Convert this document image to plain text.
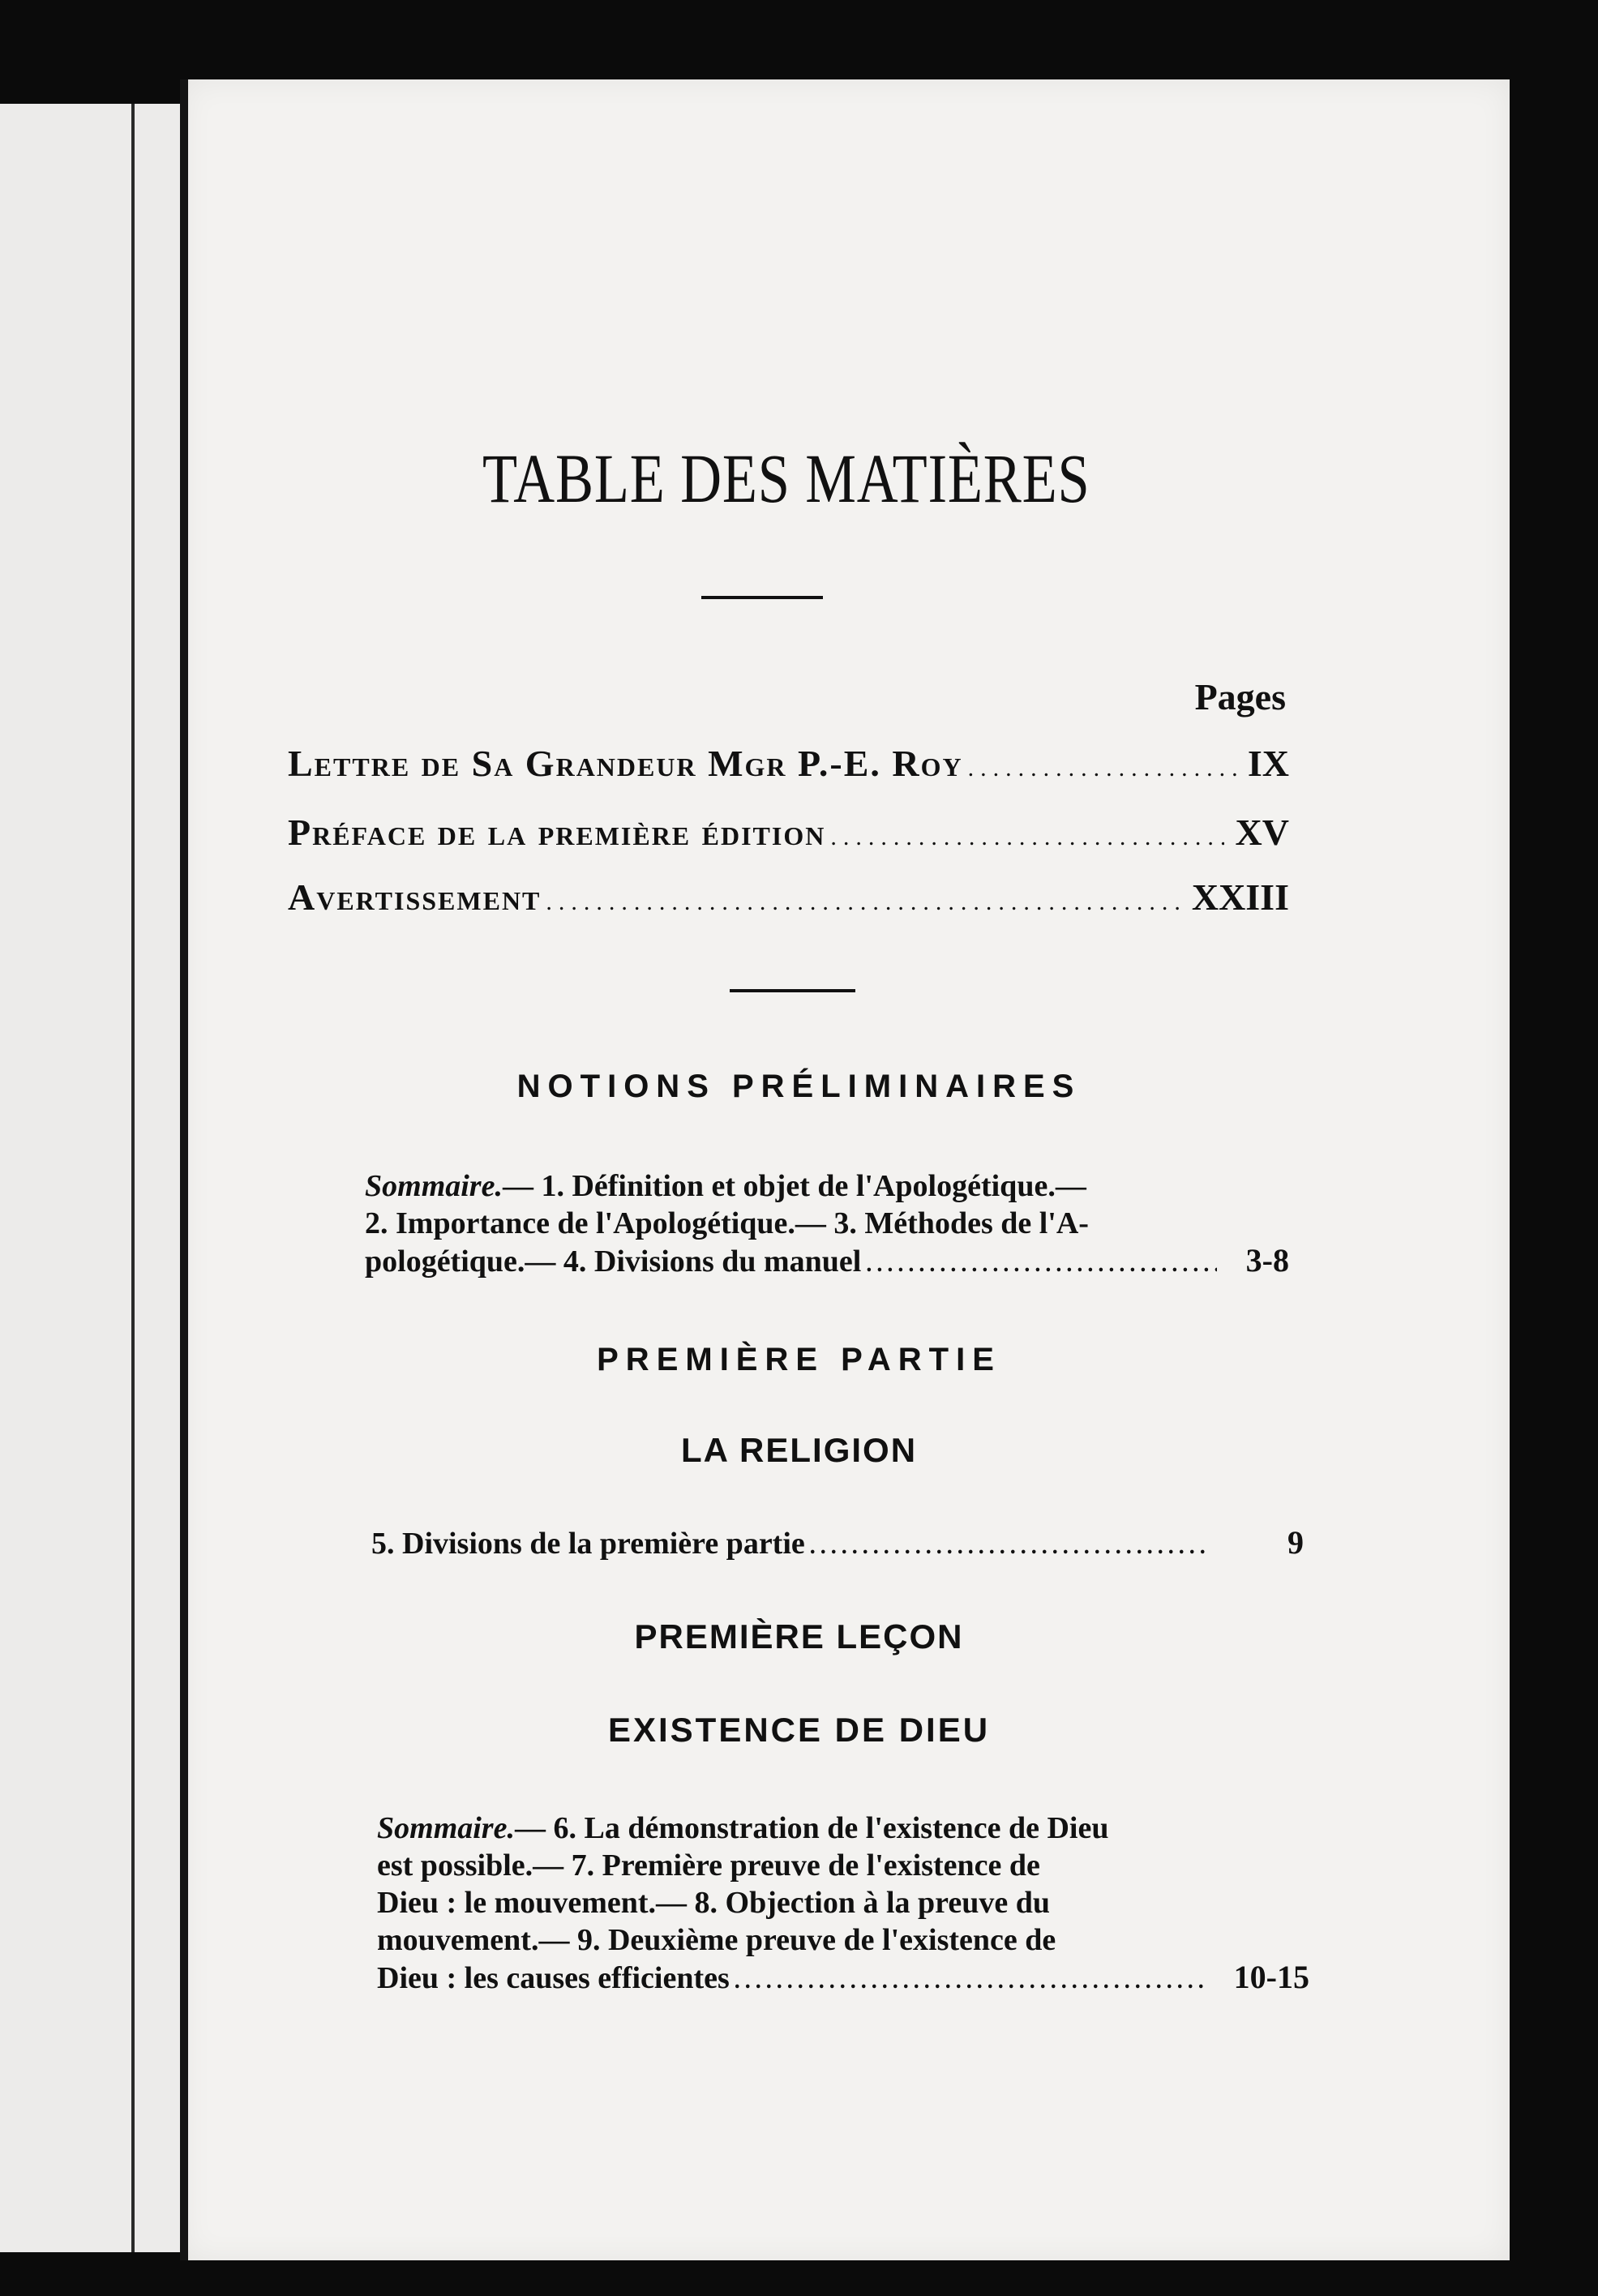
TABLE DES MATIÈRES
Pages
Lettre de Sa Grandeur Mgr P.-E. Roy .....	IX
Préface de la première édition .....	XV
Avertissement .....	XXIII
NOTIONS PRÉLIMINAIRES
Sommaire.— 1. Définition et objet de l'Apologétique.—
2. Importance de l'Apologétique.— 3. Méthodes de l'A-
pologétique.— 4. Divisions du manuel .....	3-8
PREMIÈRE PARTIE
LA RELIGION
5. Divisions de la première partie .....	9
PREMIÈRE LEÇON
EXISTENCE DE DIEU
Sommaire.— 6. La démonstration de l'existence de Dieu
est possible.— 7. Première preuve de l'existence de
Dieu : le mouvement.— 8. Objection à la preuve du
mouvement.— 9. Deuxième preuve de l'existence de
Dieu : les causes efficientes .....	10-15
